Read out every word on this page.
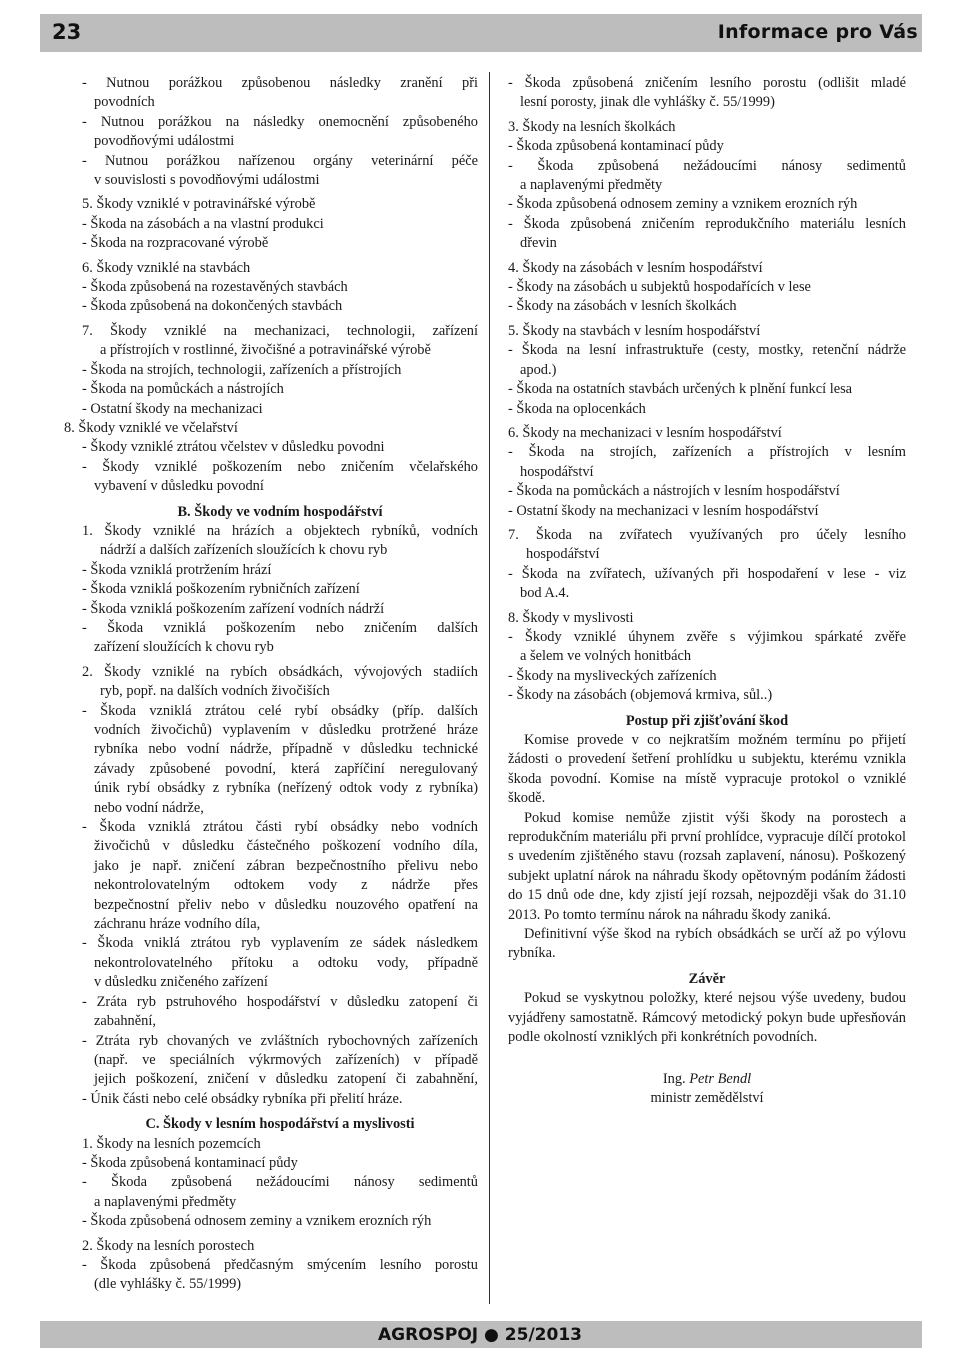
23	Informace pro Vás

- Nutnou porážkou způsobenou následky zranění při

povodních

- Nutnou porážkou na následky onemocnění způsobeného

povodňovými událostmi

- Nutnou porážkou nařízenou orgány veterinární péče

v souvislosti s povodňovými událostmi

5. Škody vzniklé v potravinářské výrobě

- Škoda na zásobách a na vlastní produkci

- Škoda na rozpracované výrobě

6. Škody vzniklé na stavbách

- Škoda způsobená na rozestavěných stavbách

- Škoda způsobená na dokončených stavbách

7. Škody vzniklé na mechanizaci, technologii, zařízení

a přístrojích v rostlinné, živočišné a potravinářské výrobě

- Škoda na strojích, technologii, zařízeních a přístrojích

- Škoda na pomůckách a nástrojích

- Ostatní škody na mechanizaci

8. Škody vzniklé ve včelařství

- Škody vzniklé ztrátou včelstev v důsledku povodni

- Škody vzniklé poškozením nebo zničením včelařského

vybavení v důsledku povodní

B. Škody ve vodním hospodářství

1. Škody vzniklé na hrázích a objektech rybníků, vodních

nádrží a dalších zařízeních sloužících k chovu ryb

- Škoda vzniklá protržením hrází

- Škoda vzniklá poškozením rybničních zařízení

- Škoda vzniklá poškozením zařízení vodních nádrží

- Škoda vzniklá poškozením nebo zničením dalších

zařízení sloužících k chovu ryb

2. Škody vzniklé na rybích obsádkách, vývojových stadiích

ryb, popř. na dalších vodních živočiších

- Škoda vzniklá ztrátou celé rybí obsádky (příp. dalších

vodních živočichů) vyplavením v důsledku protržené hráze

rybníka nebo vodní nádrže, případně v důsledku technické

závady způsobené povodní, která zapříčiní neregulovaný

únik rybí obsádky z rybníka (neřízený odtok vody z rybníka)

nebo vodní nádrže,

- Škoda vzniklá ztrátou části rybí obsádky nebo vodních

živočichů v důsledku částečného poškození vodního díla,

jako je např. zničení zábran bezpečnostního přelivu nebo

nekontrolovatelným odtokem vody z nádrže přes

bezpečnostní přeliv nebo v důsledku nouzového opatření na

záchranu hráze vodního díla,

- Škoda vniklá ztrátou ryb vyplavením ze sádek následkem

nekontrolovatelného přítoku a odtoku vody, případně

v důsledku zničeného zařízení

- Zráta ryb pstruhového hospodářství v důsledku zatopení či

zabahnění,

- Ztráta ryb chovaných ve zvláštních rybochovných zařízeních

(např. ve speciálních výkrmových zařízeních) v případě

jejich poškození, zničení v důsledku zatopení či zabahnění,

- Únik části nebo celé obsádky rybníka při přelití hráze.

C. Škody v lesním hospodářství a myslivosti

1. Škody na lesních pozemcích

- Škoda způsobená kontaminací půdy

- Škoda způsobená nežádoucími nánosy sedimentů

a naplavenými předměty

- Škoda způsobená odnosem zeminy a vznikem erozních rýh

2. Škody na lesních porostech

- Škoda způsobená předčasným smýcením lesního porostu

(dle vyhlášky č. 55/1999)

- Škoda způsobená zničením lesního porostu (odlišit mladé

lesní porosty, jinak dle vyhlášky č. 55/1999)

3. Škody na lesních školkách

- Škoda způsobená kontaminací půdy

- Škoda způsobená nežádoucími nánosy sedimentů

a naplavenými předměty

- Škoda způsobená odnosem zeminy a vznikem erozních rýh

- Škoda způsobená zničením reprodukčního materiálu lesních

dřevin

4. Škody na zásobách v lesním hospodářství

- Škody na zásobách u subjektů hospodařících v lese

- Škody na zásobách v lesních školkách

5. Škody na stavbách v lesním hospodářství

- Škoda na lesní infrastruktuře (cesty, mostky, retenční nádrže

apod.)

- Škoda na ostatních stavbách určených k plnění funkcí lesa

- Škoda na oplocenkách

6. Škody na mechanizaci v lesním hospodářství

- Škoda na strojích, zařízeních a přístrojích v lesním

hospodářství

- Škoda na pomůckách a nástrojích v lesním hospodářství

- Ostatní škody na mechanizaci v lesním hospodářství

7. Škoda na zvířatech využívaných pro účely lesního

hospodářství

- Škoda na zvířatech, užívaných při hospodaření v lese - viz

bod A.4.

8. Škody v myslivosti

- Škody vzniklé úhynem zvěře s výjimkou spárkaté zvěře

a šelem ve volných honitbách

- Škody na mysliveckých zařízeních

- Škody na zásobách (objemová krmiva, sůl..)

Postup při zjišťování škod

Komise provede v co nejkratším možném termínu po přijetí žádosti o provedení šetření prohlídku u subjektu, kterému vznikla škoda povodní. Komise na místě vypracuje protokol o vzniklé škodě.

Pokud komise nemůže zjistit výši škody na porostech a reprodukčním materiálu při první prohlídce, vypracuje dílčí protokol s uvedením zjištěného stavu (rozsah zaplavení, nánosu). Poškozený subjekt uplatní nárok na náhradu škody opětovným podáním žádosti do 15 dnů ode dne, kdy zjistí její rozsah, nejpozději však do 31.10 2013. Po tomto termínu nárok na náhradu škody zaniká.

Definitivní výše škod na rybích obsádkách se určí až po výlovu rybníka.

Závěr

Pokud se vyskytnou položky, které nejsou výše uvedeny, budou vyjádřeny samostatně. Rámcový metodický pokyn bude upřesňován podle okolností vzniklých při konkrétních povodních.

Ing. Petr Bendl
ministr zemědělství
AGROSPOJ ● 25/2013
